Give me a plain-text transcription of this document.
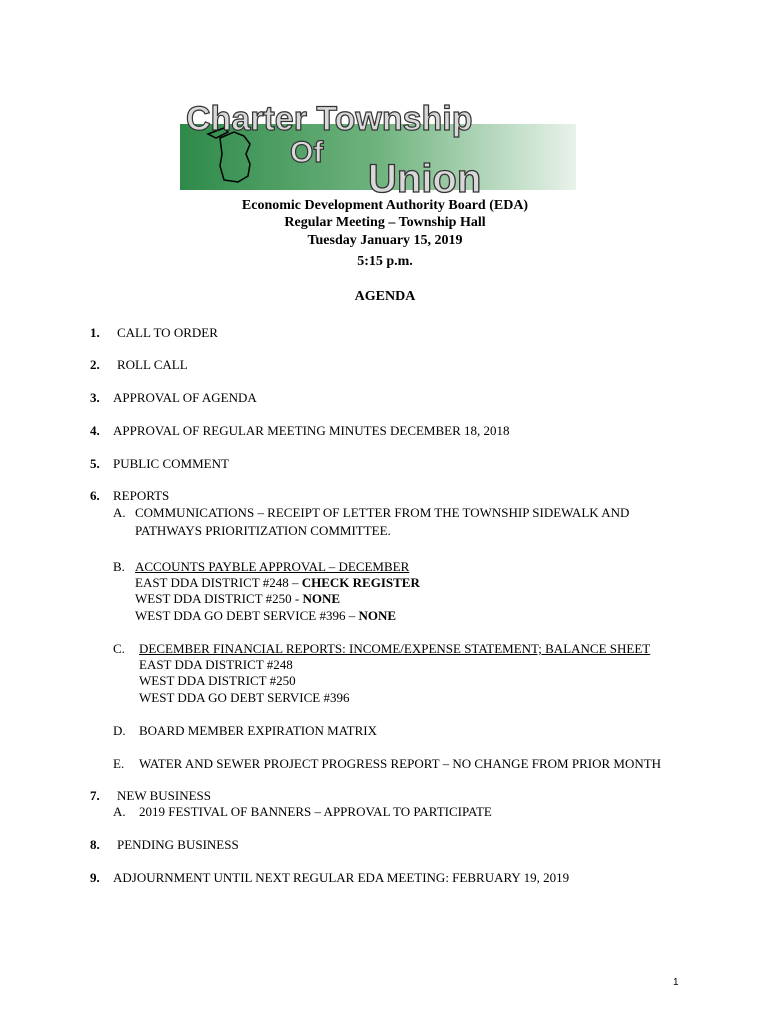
Charter Township
Of
Union
Economic Development Authority Board (EDA)
Regular Meeting – Township Hall
Tuesday January 15, 2019
5:15 p.m.
AGENDA
1. CALL TO ORDER
2. ROLL CALL
3. APPROVAL OF AGENDA
4. APPROVAL OF REGULAR MEETING MINUTES DECEMBER 18, 2018
5. PUBLIC COMMENT
6. REPORTS
A. COMMUNICATIONS – RECEIPT OF LETTER FROM THE TOWNSHIP SIDEWALK AND
PATHWAYS PRIORITIZATION COMMITTEE.
B. ACCOUNTS PAYBLE APPROVAL – DECEMBER
EAST DDA DISTRICT #248 – CHECK REGISTER
WEST DDA DISTRICT #250 - NONE
WEST DDA GO DEBT SERVICE #396 – NONE
C. DECEMBER FINANCIAL REPORTS: INCOME/EXPENSE STATEMENT; BALANCE SHEET
EAST DDA DISTRICT #248
WEST DDA DISTRICT #250
WEST DDA GO DEBT SERVICE #396
D. BOARD MEMBER EXPIRATION MATRIX
E. WATER AND SEWER PROJECT PROGRESS REPORT – NO CHANGE FROM PRIOR MONTH
7. NEW BUSINESS
A. 2019 FESTIVAL OF BANNERS – APPROVAL TO PARTICIPATE
8. PENDING BUSINESS
9. ADJOURNMENT UNTIL NEXT REGULAR EDA MEETING: FEBRUARY 19, 2019
1
